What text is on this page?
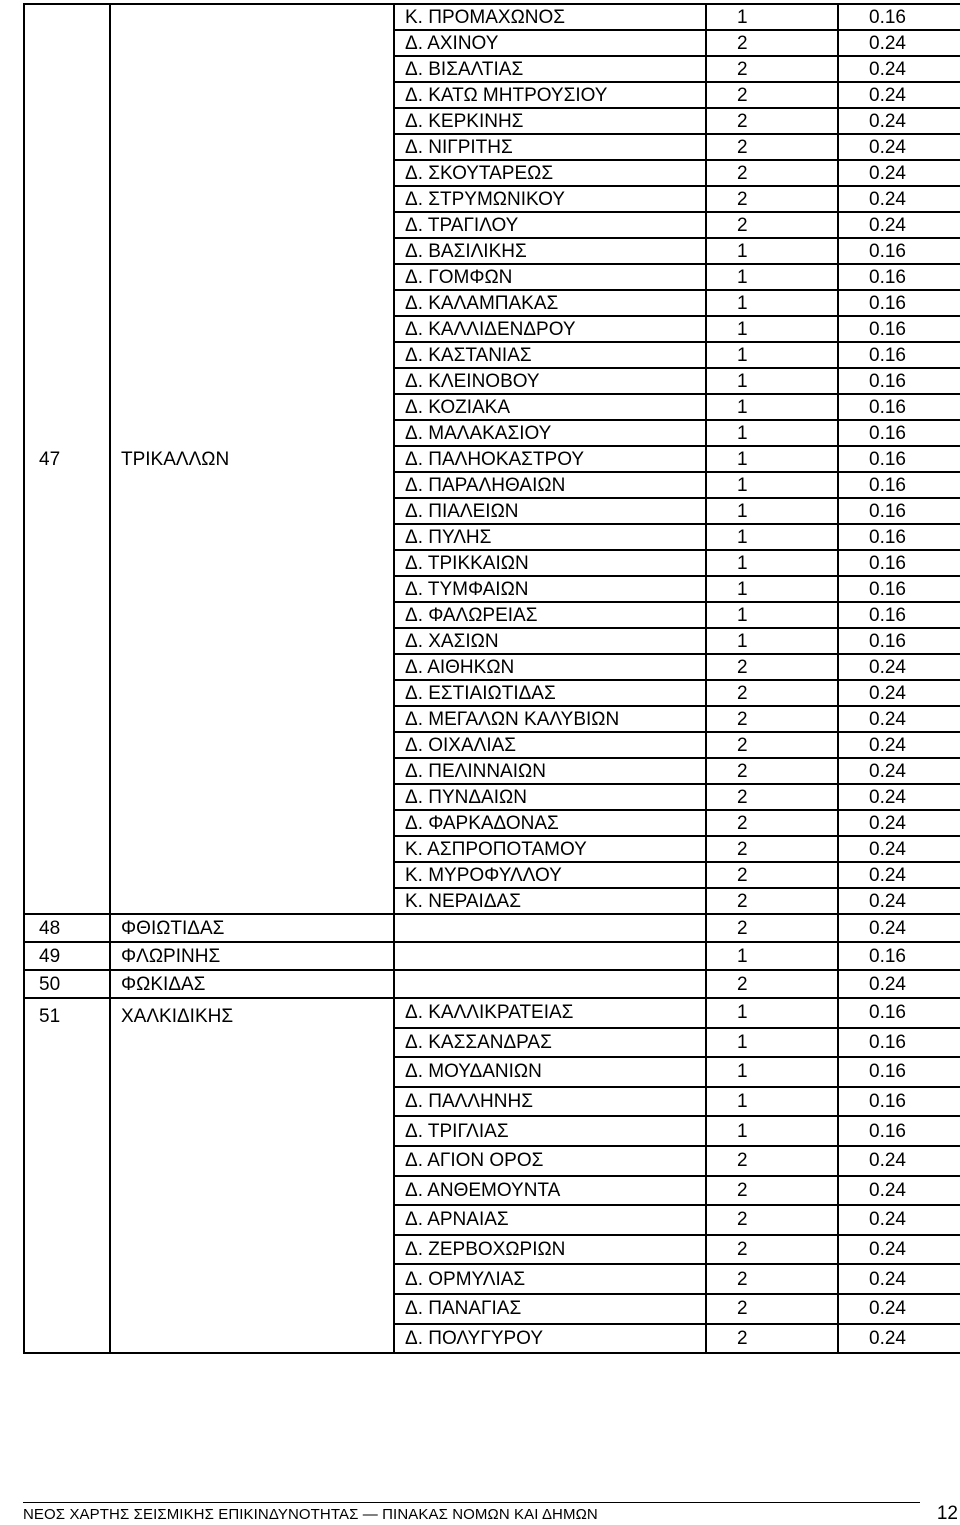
47	ΤΡΙΚΑΛΛΩΝ	Κ. ΠΡΟΜΑΧΩΝΟΣ	1	0.16
		Δ. ΑΧΙΝΟΥ	2	0.24
		Δ. ΒΙΣΑΛΤΙΑΣ	2	0.24
		Δ. ΚΑΤΩ ΜΗΤΡΟΥΣΙΟΥ	2	0.24
		Δ. ΚΕΡΚΙΝΗΣ	2	0.24
		Δ. ΝΙΓΡΙΤΗΣ	2	0.24
		Δ. ΣΚΟΥΤΑΡΕΩΣ	2	0.24
		Δ. ΣΤΡΥΜΩΝΙΚΟΥ	2	0.24
		Δ. ΤΡΑΓΙΛΟΥ	2	0.24
		Δ. ΒΑΣΙΛΙΚΗΣ	1	0.16
		Δ. ΓΟΜΦΩΝ	1	0.16
		Δ. ΚΑΛΑΜΠΑΚΑΣ	1	0.16
		Δ. ΚΑΛΛΙΔΕΝΔΡΟΥ	1	0.16
		Δ. ΚΑΣΤΑΝΙΑΣ	1	0.16
		Δ. ΚΛΕΙΝΟΒΟΥ	1	0.16
		Δ. ΚΟΖΙΑΚΑ	1	0.16
		Δ. ΜΑΛΑΚΑΣΙΟΥ	1	0.16
		Δ. ΠΑΛΗΟΚΑΣΤΡΟΥ	1	0.16
		Δ. ΠΑΡΑΛΗΘΑΙΩΝ	1	0.16
		Δ. ΠΙΑΛΕΙΩΝ	1	0.16
		Δ. ΠΥΛΗΣ	1	0.16
		Δ. ΤΡΙΚΚΑΙΩΝ	1	0.16
		Δ. ΤΥΜΦΑΙΩΝ	1	0.16
		Δ. ΦΑΛΩΡΕΙΑΣ	1	0.16
		Δ. ΧΑΣΙΩΝ	1	0.16
		Δ. ΑΙΘΗΚΩΝ	2	0.24
		Δ. ΕΣΤΙΑΙΩΤΙΔΑΣ	2	0.24
		Δ. ΜΕΓΑΛΩΝ ΚΑΛΥΒΙΩΝ	2	0.24
		Δ. ΟΙΧΑΛΙΑΣ	2	0.24
		Δ. ΠΕΛΙΝΝΑΙΩΝ	2	0.24
		Δ. ΠΥΝΔΑΙΩΝ	2	0.24
		Δ. ΦΑΡΚΑΔΟΝΑΣ	2	0.24
		Κ. ΑΣΠΡΟΠΟΤΑΜΟΥ	2	0.24
		Κ. ΜΥΡΟΦΥΛΛΟΥ	2	0.24
		Κ. ΝΕΡΑΙΔΑΣ	2	0.24
48	ΦΘΙΩΤΙΔΑΣ		2	0.24
49	ΦΛΩΡΙΝΗΣ		1	0.16
50	ΦΩΚΙΔΑΣ		2	0.24
51	ΧΑΛΚΙΔΙΚΗΣ	Δ. ΚΑΛΛΙΚΡΑΤΕΙΑΣ	1	0.16
		Δ. ΚΑΣΣΑΝΔΡΑΣ	1	0.16
		Δ. ΜΟΥΔΑΝΙΩΝ	1	0.16
		Δ. ΠΑΛΛΗΝΗΣ	1	0.16
		Δ. ΤΡΙΓΛΙΑΣ	1	0.16
		Δ. ΑΓΙΟΝ ΟΡΟΣ	2	0.24
		Δ. ΑΝΘΕΜΟΥΝΤΑ	2	0.24
		Δ. ΑΡΝΑΙΑΣ	2	0.24
		Δ. ΖΕΡΒΟΧΩΡΙΩΝ	2	0.24
		Δ. ΟΡΜΥΛΙΑΣ	2	0.24
		Δ. ΠΑΝΑΓΙΑΣ	2	0.24
		Δ. ΠΟΛΥΓΥΡΟΥ	2	0.24
ΝΕΟΣ ΧΑΡΤΗΣ ΣΕΙΣΜΙΚΗΣ ΕΠΙΚΙΝΔΥΝΟΤΗΤΑΣ — ΠΙΝΑΚΑΣ ΝΟΜΩΝ ΚΑΙ ΔΗΜΩΝ	12
